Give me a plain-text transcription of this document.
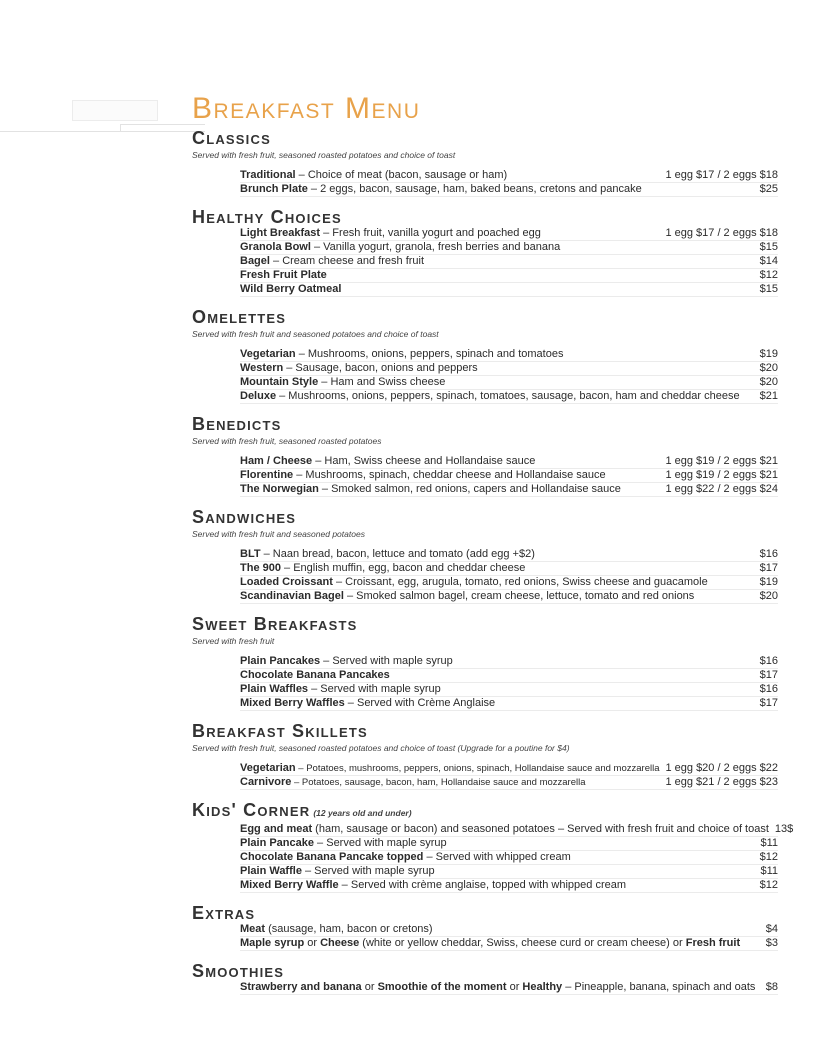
Breakfast Menu
Classics
Served with fresh fruit, seasoned roasted potatoes and choice of toast
Traditional – Choice of meat (bacon, sausage or ham)	1 egg $17 / 2 eggs $18
Brunch Plate – 2 eggs, bacon, sausage, ham, baked beans, cretons and pancake	$25
Healthy Choices
Light Breakfast – Fresh fruit, vanilla yogurt and poached egg	1 egg $17 / 2 eggs $18
Granola Bowl – Vanilla yogurt, granola, fresh berries and banana	$15
Bagel – Cream cheese and fresh fruit	$14
Fresh Fruit Plate	$12
Wild Berry Oatmeal	$15
Omelettes
Served with fresh fruit and seasoned potatoes and choice of toast
Vegetarian – Mushrooms, onions, peppers, spinach and tomatoes	$19
Western – Sausage, bacon, onions and peppers	$20
Mountain Style – Ham and Swiss cheese	$20
Deluxe – Mushrooms, onions, peppers, spinach, tomatoes, sausage, bacon, ham and cheddar cheese	$21
Benedicts
Served with fresh fruit, seasoned roasted potatoes
Ham / Cheese – Ham, Swiss cheese and Hollandaise sauce	1 egg $19 / 2 eggs $21
Florentine – Mushrooms, spinach, cheddar cheese and Hollandaise sauce	1 egg $19 / 2 eggs $21
The Norwegian – Smoked salmon, red onions, capers and Hollandaise sauce	1 egg $22 / 2 eggs $24
Sandwiches
Served with fresh fruit and seasoned potatoes
BLT – Naan bread, bacon, lettuce and tomato (add egg +$2)	$16
The 900 – English muffin, egg, bacon and cheddar cheese	$17
Loaded Croissant – Croissant, egg, arugula, tomato, red onions, Swiss cheese and guacamole	$19
Scandinavian Bagel – Smoked salmon bagel, cream cheese, lettuce, tomato and red onions	$20
Sweet Breakfasts
Served with fresh fruit
Plain Pancakes – Served with maple syrup	$16
Chocolate Banana Pancakes	$17
Plain Waffles – Served with maple syrup	$16
Mixed Berry Waffles – Served with Crème Anglaise	$17
Breakfast Skillets
Served with fresh fruit, seasoned roasted potatoes and choice of toast (Upgrade for a poutine for $4)
Vegetarian – Potatoes, mushrooms, peppers, onions, spinach, Hollandaise sauce and mozzarella 1 egg $20 / 2 eggs $22
Carnivore – Potatoes, sausage, bacon, ham, Hollandaise sauce and mozzarella	1 egg $21 / 2 eggs $23
Kids' Corner (12 years old and under)
Egg and meat (ham, sausage or bacon) and seasoned potatoes – Served with fresh fruit and choice of toast 13$
Plain Pancake – Served with maple syrup	$11
Chocolate Banana Pancake topped – Served with whipped cream	$12
Plain Waffle – Served with maple syrup	$11
Mixed Berry Waffle – Served with crème anglaise, topped with whipped cream	$12
Extras
Meat (sausage, ham, bacon or cretons)	$4
Maple syrup or Cheese (white or yellow cheddar, Swiss, cheese curd or cream cheese) or Fresh fruit	$3
Smoothies
Strawberry and banana or Smoothie of the moment or Healthy – Pineapple, banana, spinach and oats $8
